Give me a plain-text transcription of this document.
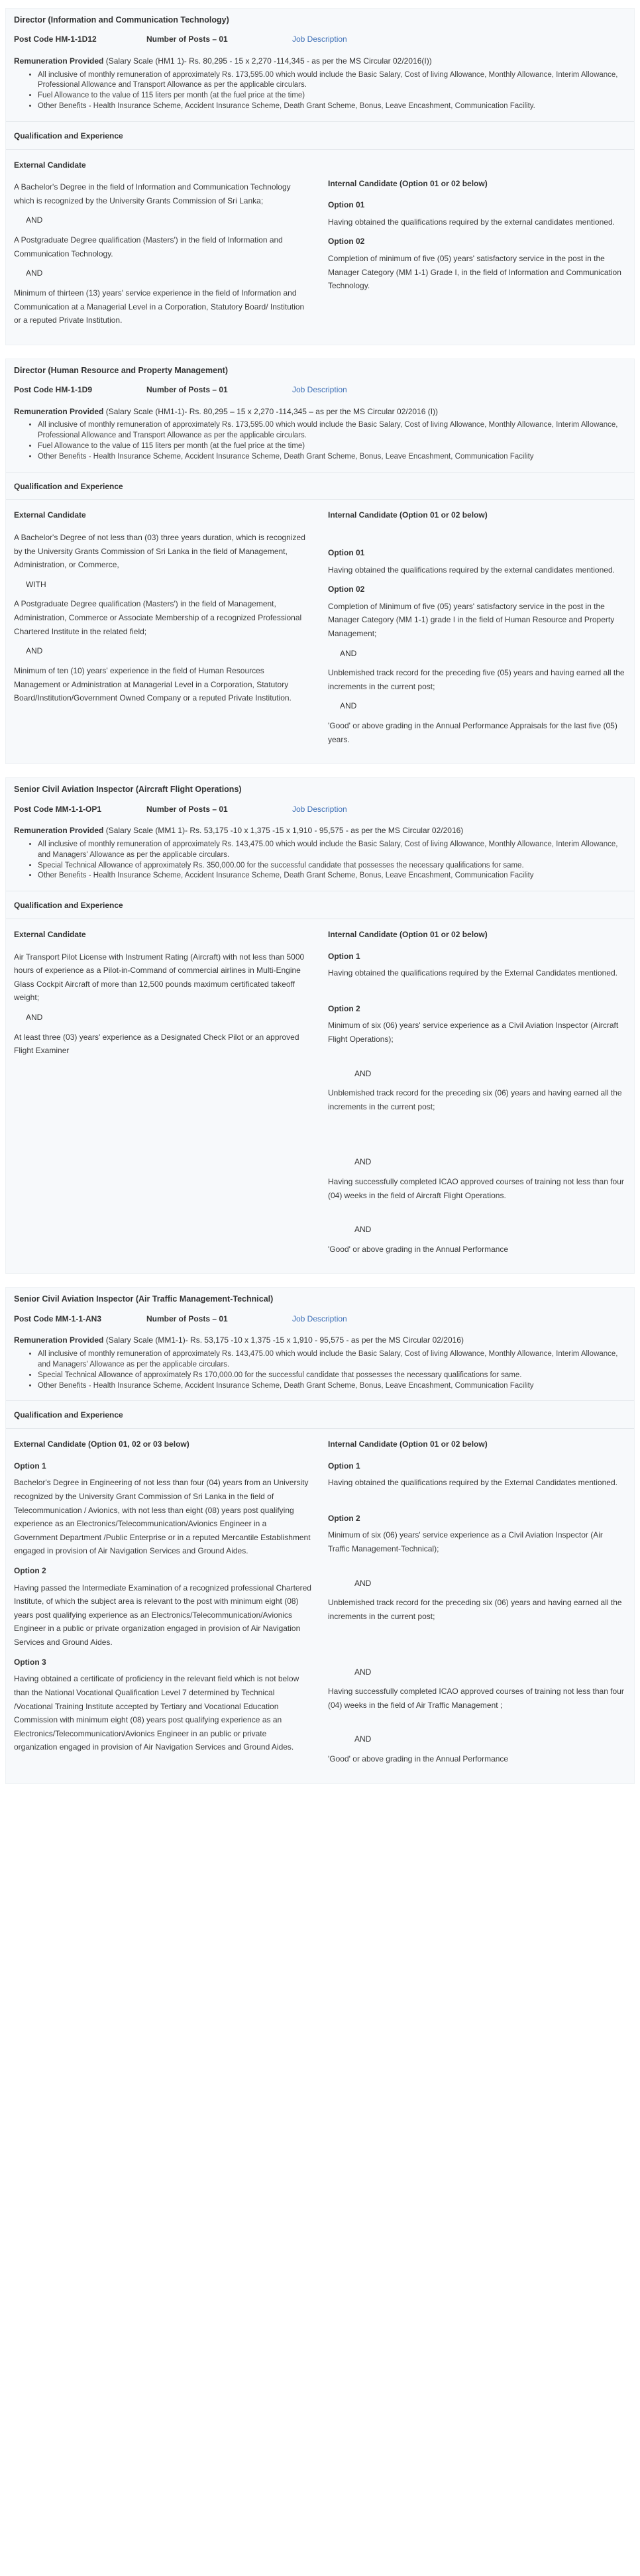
Director (Information and Communication Technology)
Post Code HM-1-1D12	Number of Posts – 01	Job Description
Remuneration Provided (Salary Scale (HM1 1)- Rs. 80,295 - 15 x 2,270 -114,345 - as per the MS Circular 02/2016(I))
• All inclusive of monthly remuneration of approximately Rs. 173,595.00 which would include the Basic Salary, Cost of living Allowance, Monthly Allowance, Interim Allowance, Professional Allowance and Transport Allowance as per the applicable circulars.
• Fuel Allowance to the value of 115 liters per month (at the fuel price at the time)
• Other Benefits - Health Insurance Scheme, Accident Insurance Scheme, Death Grant Scheme, Bonus, Leave Encashment, Communication Facility.
Qualification and Experience
External Candidate
A Bachelor's Degree in the field of Information and Communication Technology which is recognized by the University Grants Commission of Sri Lanka;
AND
A Postgraduate Degree qualification (Masters') in the field of Information and Communication Technology.
AND
Minimum of thirteen (13) years' service experience in the field of Information and Communication at a Managerial Level in a Corporation, Statutory Board/ Institution or a reputed Private Institution.
Internal Candidate (Option 01 or 02 below)
Option 01
Having obtained the qualifications required by the external candidates mentioned.
Option 02
Completion of minimum of five (05) years' satisfactory service in the post in the Manager Category (MM 1-1) Grade I, in the field of Information and Communication Technology.
Director (Human Resource and Property Management)
Post Code HM-1-1D9	Number of Posts – 01	Job Description
Remuneration Provided (Salary Scale (HM1-1)- Rs. 80,295 – 15 x 2,270 -114,345 – as per the MS Circular 02/2016 (I))
• All inclusive of monthly remuneration of approximately Rs. 173,595.00 which would include the Basic Salary, Cost of living Allowance, Monthly Allowance, Interim Allowance, Professional Allowance and Transport Allowance as per the applicable circulars.
• Fuel Allowance to the value of 115 liters per month (at the fuel price at the time)
• Other Benefits - Health Insurance Scheme, Accident Insurance Scheme, Death Grant Scheme, Bonus, Leave Encashment, Communication Facility
Qualification and Experience
External Candidate
A Bachelor's Degree of not less than (03) three years duration, which is recognized by the University Grants Commission of Sri Lanka in the field of Management, Administration, or Commerce,
WITH
A Postgraduate Degree qualification (Masters') in the field of Management, Administration, Commerce or Associate Membership of a recognized Professional Chartered Institute in the related field;
AND
Minimum of ten (10) years' experience in the field of Human Resources Management or Administration at Managerial Level in a Corporation, Statutory Board/Institution/Government Owned Company or a reputed Private Institution.
Internal Candidate (Option 01 or 02 below)
Option 01
Having obtained the qualifications required by the external candidates mentioned.
Option 02
Completion of Minimum of five (05) years' satisfactory service in the post in the Manager Category (MM 1-1) grade I in the field of Human Resource and Property Management;
AND
Unblemished track record for the preceding five (05) years and having earned all the increments in the current post;
AND
'Good' or above grading in the Annual Performance Appraisals for the last five (05) years.
Senior Civil Aviation Inspector (Aircraft Flight Operations)
Post Code MM-1-1-OP1	Number of Posts – 01	Job Description
Remuneration Provided (Salary Scale (MM1 1)- Rs. 53,175 -10 x 1,375 -15 x 1,910 - 95,575 - as per the MS Circular 02/2016)
• All inclusive of monthly remuneration of approximately Rs. 143,475.00 which would include the Basic Salary, Cost of living Allowance, Monthly Allowance, Interim Allowance, and Managers' Allowance as per the applicable circulars.
• Special Technical Allowance of approximately Rs. 350,000.00 for the successful candidate that possesses the necessary qualifications for same.
• Other Benefits - Health Insurance Scheme, Accident Insurance Scheme, Death Grant Scheme, Bonus, Leave Encashment, Communication Facility
Qualification and Experience
External Candidate
Air Transport Pilot License with Instrument Rating (Aircraft) with not less than 5000 hours of experience as a Pilot-in-Command of commercial airlines in Multi-Engine Glass Cockpit Aircraft of more than 12,500 pounds maximum certificated takeoff weight;
AND
At least three (03) years' experience as a Designated Check Pilot or an approved Flight Examiner
Internal Candidate (Option 01 or 02 below)
Option 1
Having obtained the qualifications required by the External Candidates mentioned.
Option 2
Minimum of six (06) years' service experience as a Civil Aviation Inspector (Aircraft Flight Operations);
AND
Unblemished track record for the preceding six (06) years and having earned all the increments in the current post;
AND
Having successfully completed ICAO approved courses of training not less than four (04) weeks in the field of Aircraft Flight Operations.
AND
'Good' or above grading in the Annual Performance
Senior Civil Aviation Inspector (Air Traffic Management-Technical)
Post Code MM-1-1-AN3	Number of Posts – 01	Job Description
Remuneration Provided (Salary Scale (MM1-1)- Rs. 53,175 -10 x 1,375 -15 x 1,910 - 95,575 - as per the MS Circular 02/2016)
• All inclusive of monthly remuneration of approximately Rs. 143,475.00 which would include the Basic Salary, Cost of living Allowance, Monthly Allowance, Interim Allowance, and Managers' Allowance as per the applicable circulars.
• Special Technical Allowance of approximately Rs 170,000.00 for the successful candidate that possesses the necessary qualifications for same.
• Other Benefits - Health Insurance Scheme, Accident Insurance Scheme, Death Grant Scheme, Bonus, Leave Encashment, Communication Facility
Qualification and Experience
External Candidate (Option 01, 02 or 03 below)
Option 1
Bachelor's Degree in Engineering of not less than four (04) years from an University recognized by the University Grant Commission of Sri Lanka in the field of Telecommunication / Avionics, with not less than eight (08) years post qualifying experience as an Electronics/Telecommunication/Avionics Engineer in a Government Department /Public Enterprise or in a reputed Mercantile Establishment engaged in provision of Air Navigation Services and Ground Aides.
Option 2
Having passed the Intermediate Examination of a recognized professional Chartered Institute, of which the subject area is relevant to the post with minimum eight (08) years post qualifying experience as an Electronics/Telecommunication/Avionics Engineer in a public or private organization engaged in provision of Air Navigation Services and Ground Aides.
Option 3
Having obtained a certificate of proficiency in the relevant field which is not below than the National Vocational Qualification Level 7 determined by Technical /Vocational Training Institute accepted by Tertiary and Vocational Education Commission with minimum eight (08) years post qualifying experience as an Electronics/Telecommunication/Avionics Engineer in an public or private organization engaged in provision of Air Navigation Services and Ground Aides.
Internal Candidate (Option 01 or 02 below)
Option 1
Having obtained the qualifications required by the External Candidates mentioned.
Option 2
Minimum of six (06) years' service experience as a Civil Aviation Inspector (Air Traffic Management-Technical);
AND
Unblemished track record for the preceding six (06) years and having earned all the increments in the current post;
AND
Having successfully completed ICAO approved courses of training not less than four (04) weeks in the field of Air Traffic Management ;
AND
'Good' or above grading in the Annual Performance
